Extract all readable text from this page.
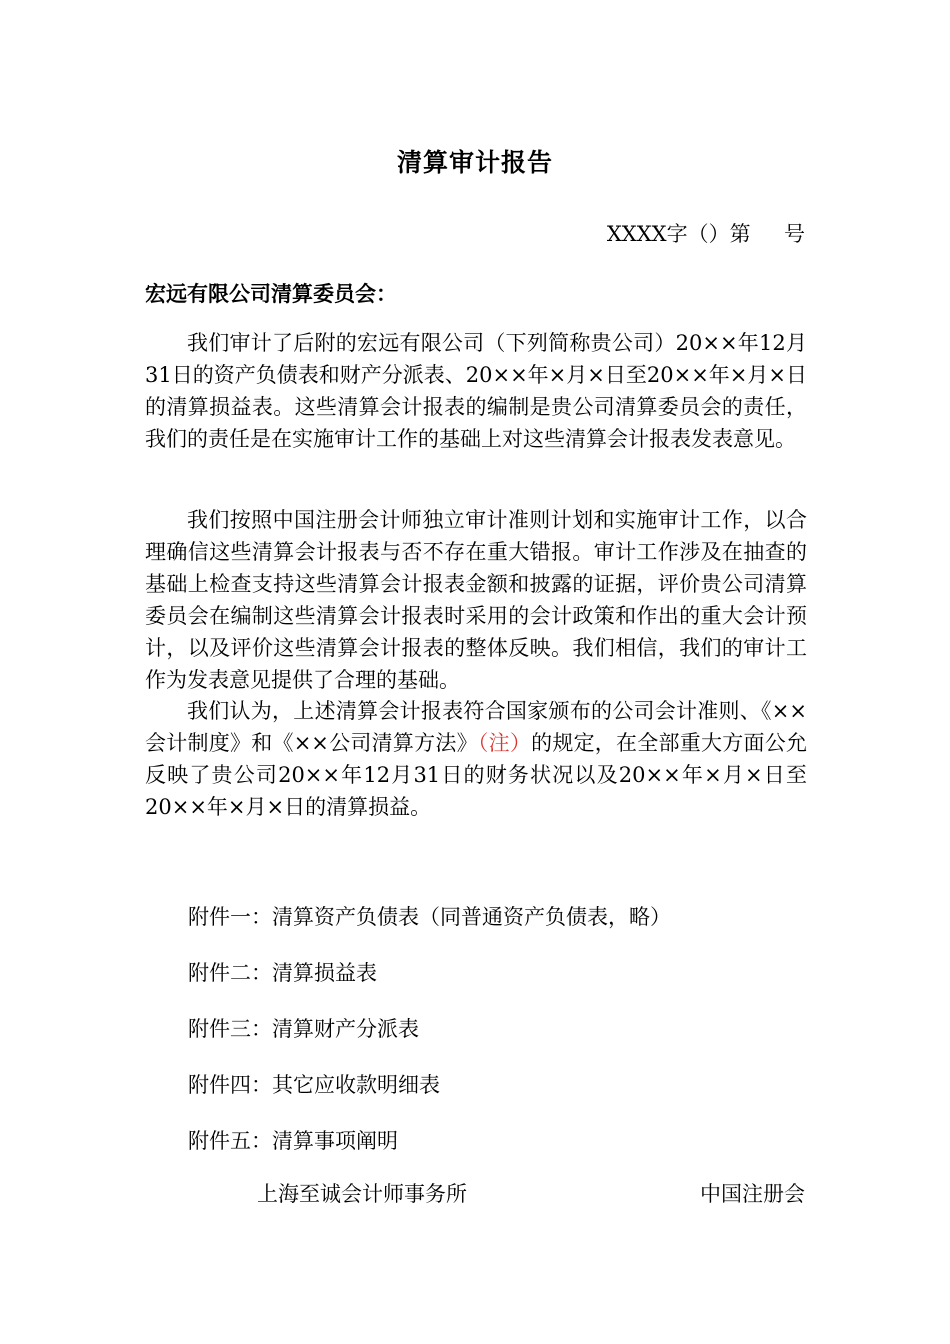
清算审计报告
XXXX字（）第     号
宏远有限公司清算委员会：

我们审计了后附的宏远有限公司（下列简称贵公司）20××年12月31日的资产负债表和财产分派表、20××年×月×日至20××年×月×日的清算损益表。这些清算会计报表的编制是贵公司清算委员会的责任，我们的责任是在实施审计工作的基础上对这些清算会计报表发表意见。

我们按照中国注册会计师独立审计准则计划和实施审计工作，以合理确信这些清算会计报表与否不存在重大错报。审计工作涉及在抽查的基础上检查支持这些清算会计报表金额和披露的证据，评价贵公司清算委员会在编制这些清算会计报表时采用的会计政策和作出的重大会计预计，以及评价这些清算会计报表的整体反映。我们相信，我们的审计工作为发表意见提供了合理的基础。

我们认为，上述清算会计报表符合国家颁布的公司会计准则、《××会计制度》和《××公司清算方法》（注）的规定，在全部重大方面公允反映了贵公司20××年12月31日的财务状况以及20××年×月×日至20××年×月×日的清算损益。

附件一：清算资产负债表（同普通资产负债表，略）
附件二：清算损益表
附件三：清算财产分派表
附件四：其它应收款明细表
附件五：清算事项阐明
上海至诚会计师事务所	中国注册会
